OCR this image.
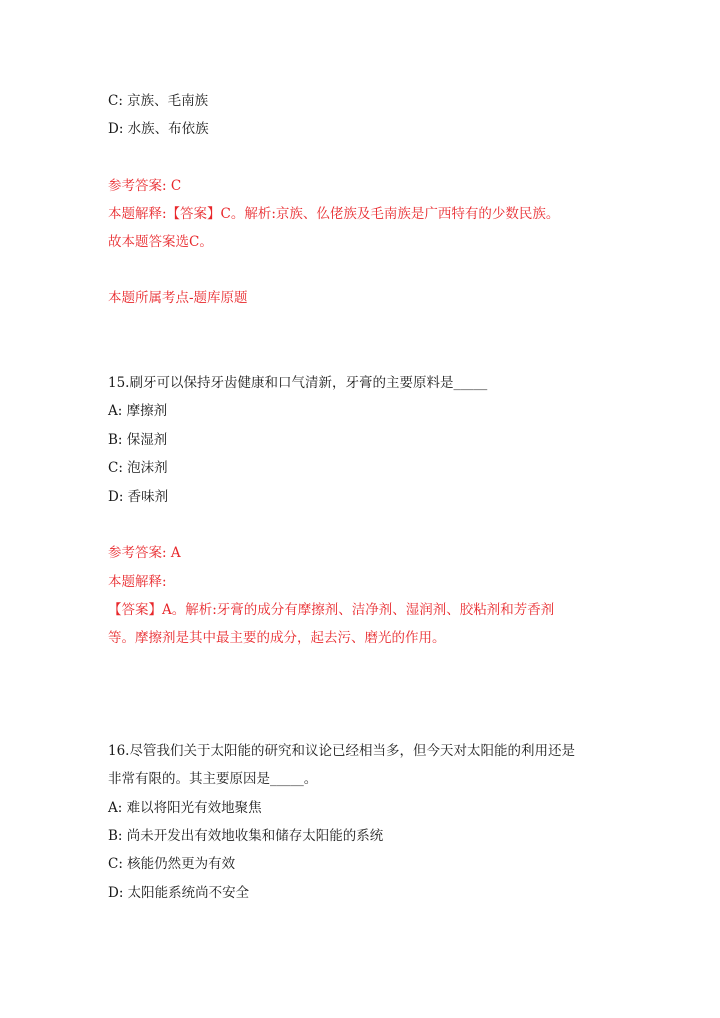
C: 京族、毛南族
D: 水族、布依族
参考答案: C
本题解释:【答案】C。解析:京族、仫佬族及毛南族是广西特有的少数民族。
故本题答案选C。
本题所属考点-题库原题
15.刷牙可以保持牙齿健康和口气清新，牙膏的主要原料是_____
A: 摩擦剂
B: 保湿剂
C: 泡沫剂
D: 香味剂
参考答案: A
本题解释:
【答案】A。解析:牙膏的成分有摩擦剂、洁净剂、湿润剂、胶粘剂和芳香剂
等。摩擦剂是其中最主要的成分，起去污、磨光的作用。
16.尽管我们关于太阳能的研究和议论已经相当多，但今天对太阳能的利用还是
非常有限的。其主要原因是_____。
A: 难以将阳光有效地聚焦
B: 尚未开发出有效地收集和储存太阳能的系统
C: 核能仍然更为有效
D: 太阳能系统尚不安全
